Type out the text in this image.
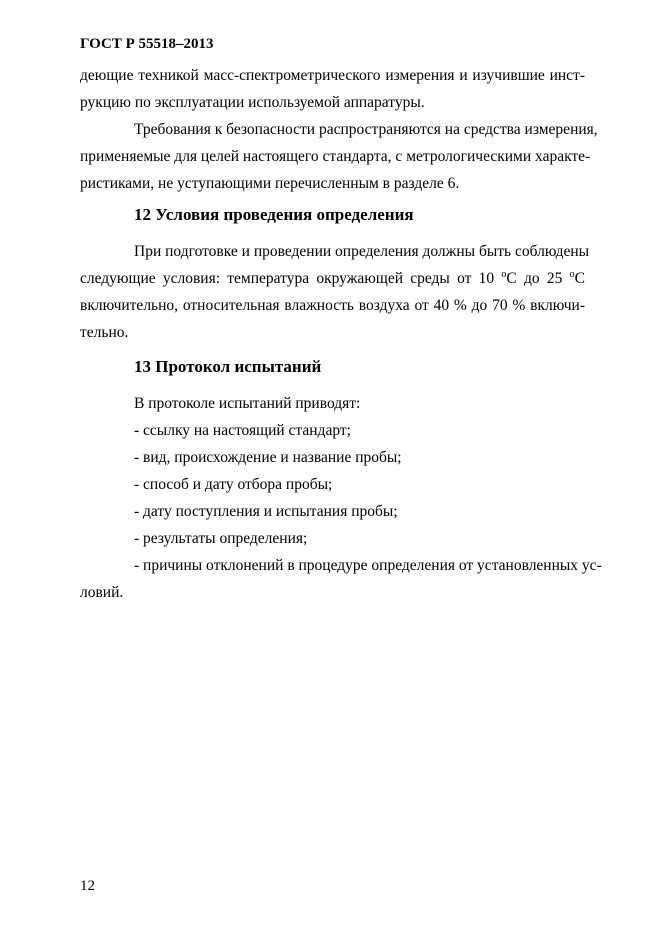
ГОСТ Р 55518–2013
деющие техникой масс-спектрометрического измерения и изучившие инст-
рукцию по эксплуатации используемой аппаратуры.
Требования к безопасности распространяются на средства измерения,
применяемые для целей настоящего стандарта, с метрологическими характе-
ристиками, не уступающими перечисленным в разделе 6.
12 Условия проведения определения
При подготовке и проведении определения должны быть соблюдены
следующие условия: температура окружающей среды от 10 $^о$С до 25 $^о$С
включительно, относительная влажность воздуха от 40 % до 70 % включи-
тельно.
13 Протокол испытаний
В протоколе испытаний приводят:
- ссылку на настоящий стандарт;
- вид, происхождение и название пробы;
- способ и дату отбора пробы;
- дату поступления и испытания пробы;
- результаты определения;
- причины отклонений в процедуре определения от установленных ус-
ловий.
12
